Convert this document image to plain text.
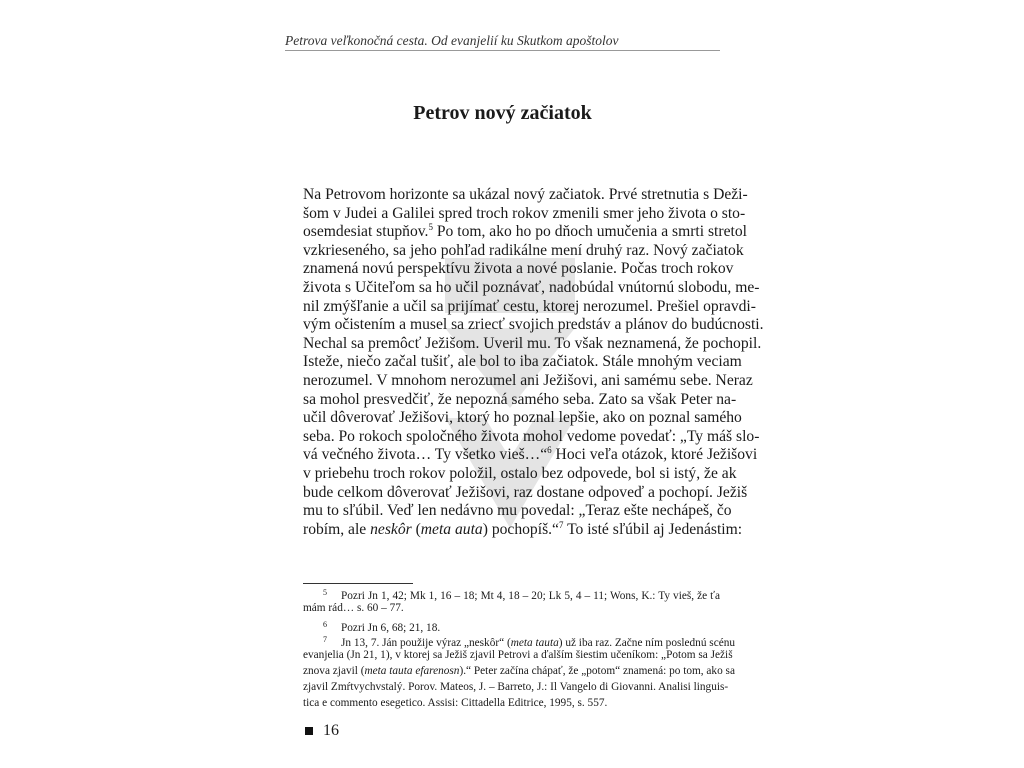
Petrova veľkonočná cesta. Od evanjelií ku Skutkom apoštolov
Petrov nový začiatok
Na Petrovom horizonte sa ukázal nový začiatok. Prvé stretnutia s Deži-
šom v Judei a Galilei spred troch rokov zmenili smer jeho života o sto-
osemdesiat stupňov.$^5$ Po tom, ako ho po dňoch umučenia a smrti stretol
vzkrieseného, sa jeho pohľad radikálne mení druhý raz. Nový začiatok
znamená novú perspektívu života a nové poslanie. Počas troch rokov
života s Učiteľom sa ho učil poznávať, nadobúdal vnútornú slobodu, me-
nil zmýšľanie a učil sa prijímať cestu, ktorej nerozumel. Prešiel opravdi-
vým očistením a musel sa zriecť svojich predstáv a plánov do budúcnosti.
Nechal sa premôcť Ježišom. Uveril mu. To však neznamená, že pochopil.
Isteže, niečo začal tušiť, ale bol to iba začiatok. Stále mnohým veciam
nerozumel. V mnohom nerozumel ani Ježišovi, ani samému sebe. Neraz
sa mohol presvedčiť, že nepozná samého seba. Zato sa však Peter na-
učil dôverovať Ježišovi, ktorý ho poznal lepšie, ako on poznal samého
seba. Po rokoch spoločného života mohol vedome povedať: „Ty máš slo-
vá večného života… Ty všetko vieš…“$^6$ Hoci veľa otázok, ktoré Ježišovi
v priebehu troch rokov položil, ostalo bez odpovede, bol si istý, že ak
bude celkom dôverovať Ježišovi, raz dostane odpoveď a pochopí. Ježiš
mu to sľúbil. Veď len nedávno mu povedal: „Teraz ešte nechápeš, čo
robím, ale neskôr (meta auta) pochopíš.“$^7$ To isté sľúbil aj Jedenástim:
5 Pozri Jn 1, 42; Mk 1, 16 – 18; Mt 4, 18 – 20; Lk 5, 4 – 11; Wons, K.: Ty vieš, že ťa
mám rád… s. 60 – 77.
6 Pozri Jn 6, 68; 21, 18.
7 Jn 13, 7. Ján použije výraz „neskôr“ (meta tauta) už iba raz. Začne ním poslednú scénu
evanjelia (Jn 21, 1), v ktorej sa Ježiš zjavil Petrovi a ďalším šiestim učeníkom: „Potom sa Ježiš
znova zjavil (meta tauta efarenosn).“ Peter začína chápať, že „potom“ znamená: po tom, ako sa
zjavil Zmŕtvychvstalý. Porov. Mateos, J. – Barreto, J.: Il Vangelo di Giovanni. Analisi linguis-
tica e commento esegetico. Assisi: Cittadella Editrice, 1995, s. 557.
16
